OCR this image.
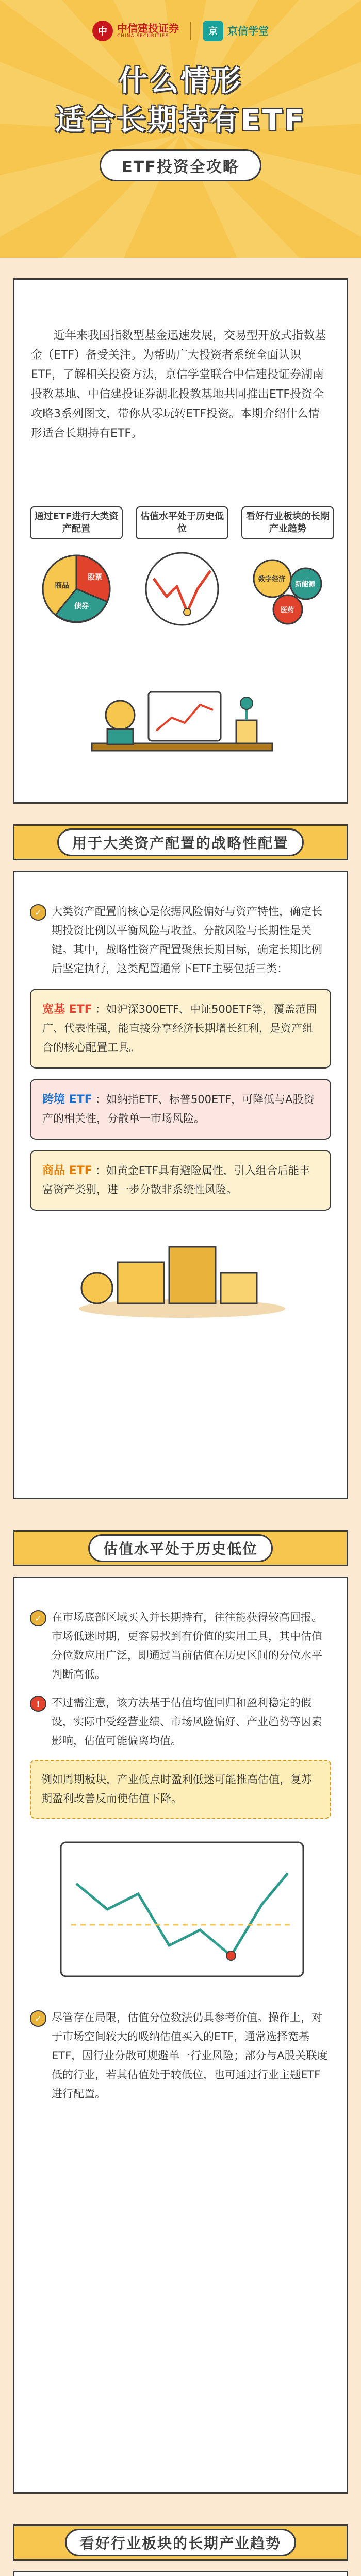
中 中信建投证券
CHINA SECURITIES	京 京信学堂
什么情形
适合长期持有ETF
ETF投资全攻略

近年来我国指数型基金迅速发展，交易型开放式指数基金（ETF）备受关注。为帮助广大投资者系统全面认识ETF，了解相关投资方法，京信学堂联合中信建投证券湖南投教基地、中信建投证券湖北投教基地共同推出ETF投资全攻略3系列图文，带你从零玩转ETF投资。本期介绍什么情形适合长期持有ETF。

通过ETF进行大类资产配置
股票
债券
商品
估值水平处于历史低位
看好行业板块的长期产业趋势
数字经济
新能源
医药
用于大类资产配置的战略性配置
✓ 大类资产配置的核心是依据风险偏好与资产特性，确定长期投资比例以平衡风险与收益。分散风险与长期性是关键。其中，战略性资产配置聚焦长期目标，确定长期比例后坚定执行，这类配置通常下ETF主要包括三类：
宽基 ETF ：如沪深300ETF、中证500ETF等，覆盖范围广、代表性强，能直接分享经济长期增长红利，是资产组合的核心配置工具。
跨境 ETF ：如纳指ETF、标普500ETF，可降低与A股资产的相关性，分散单一市场风险。
商品 ETF ：如黄金ETF具有避险属性，引入组合后能丰富资产类别，进一步分散非系统性风险。
估值水平处于历史低位
✓ 在市场底部区域买入并长期持有，往往能获得较高回报。市场低迷时期，更容易找到有价值的实用工具，其中估值分位数应用广泛，即通过当前估值在历史区间的分位水平判断高低。
!	不过需注意，该方法基于估值均值回归和盈利稳定的假设，实际中受经营业绩、市场风险偏好、产业趋势等因素影响，估值可能偏离均值。
例如周期板块，产业低点时盈利低迷可能推高估值，复苏期盈利改善反而使估值下降。
✓ 尽管存在局限，估值分位数法仍具参考价值。操作上，对于市场空间较大的吸纳估值买入的ETF，通常选择宽基ETF，因行业分散可规避单一行业风险；部分与A股关联度低的行业，若其估值处于较低位，也可通过行业主题ETF进行配置。
看好行业板块的长期产业趋势
